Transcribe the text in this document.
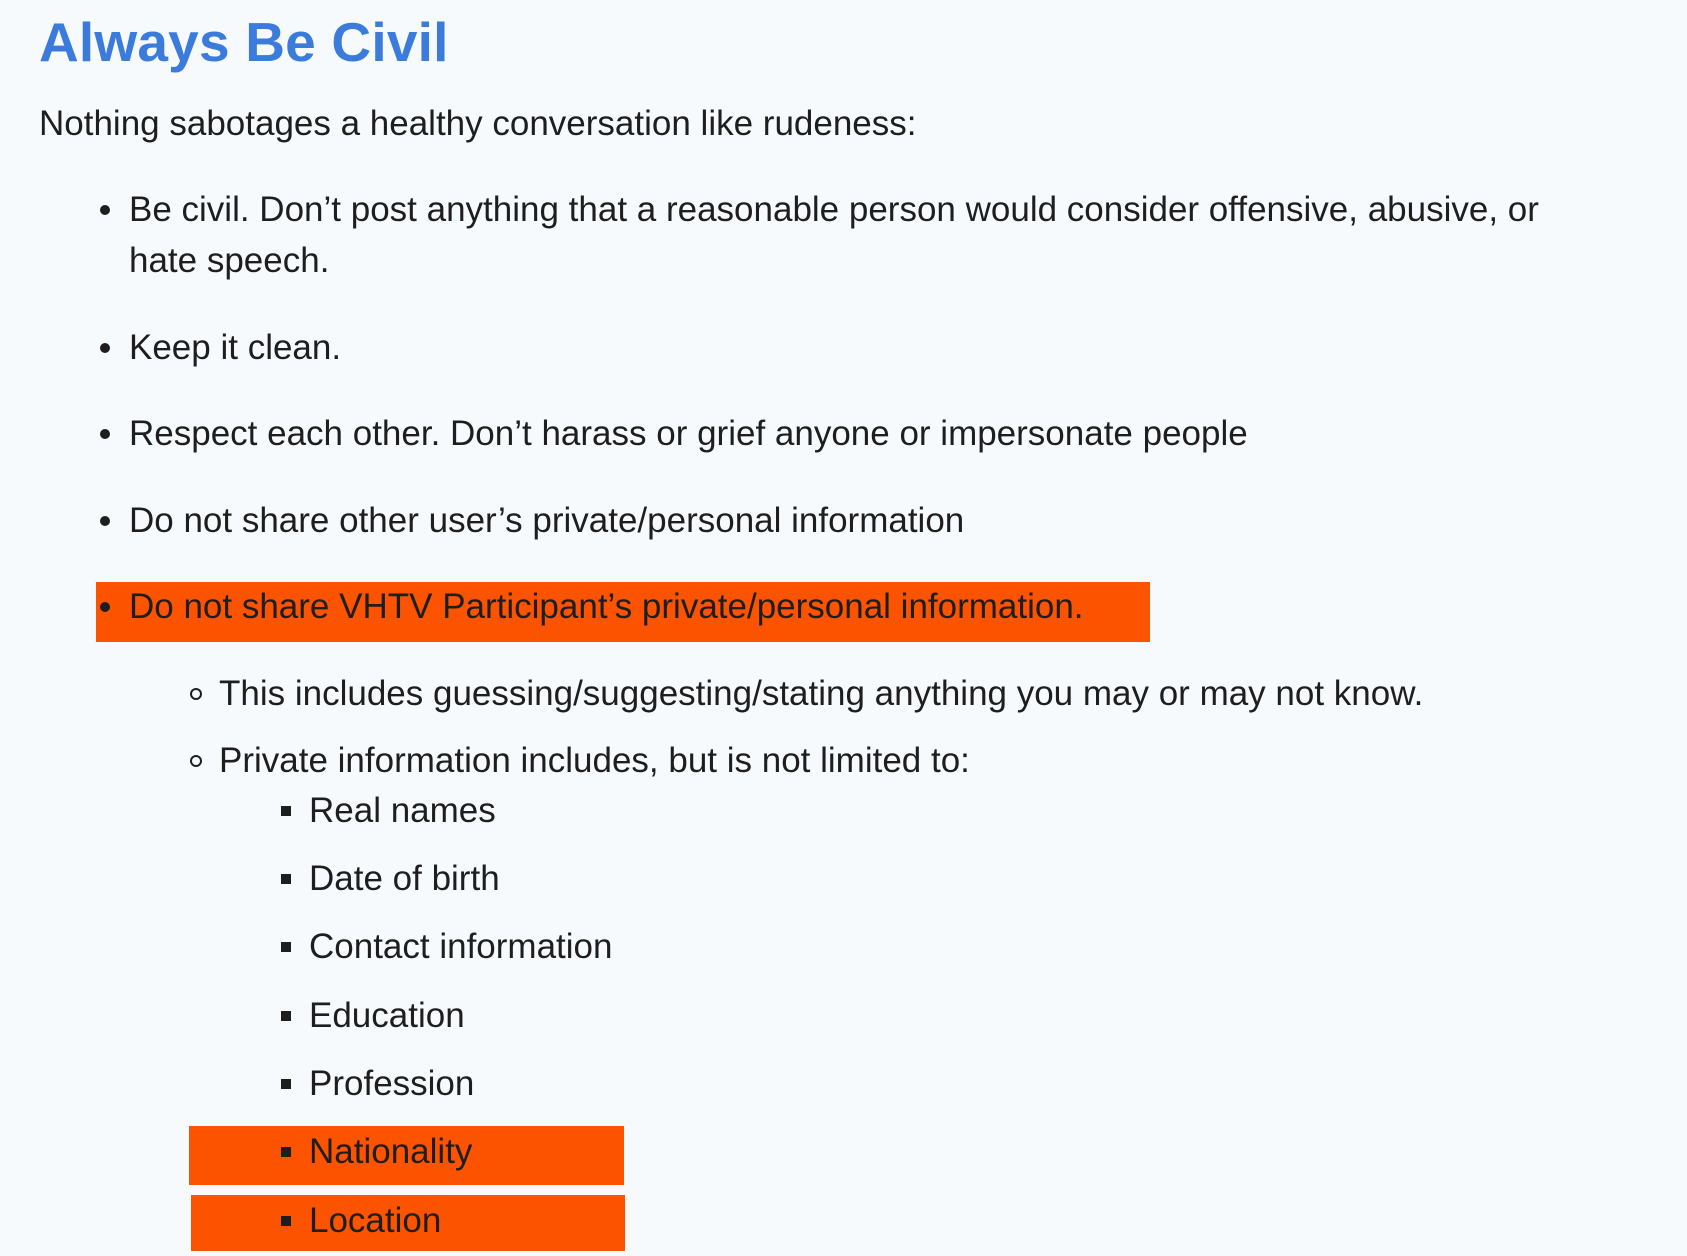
Always Be Civil

Nothing sabotages a healthy conversation like rudeness:

Be civil. Don’t post anything that a reasonable person would consider offensive, abusive, or
hate speech.
Keep it clean.
Respect each other. Don’t harass or grief anyone or impersonate people
Do not share other user’s private/personal information
Do not share VHTV Participant’s private/personal information.
This includes guessing/suggesting/stating anything you may or may not know.
Private information includes, but is not limited to:
Real names
Date of birth
Contact information
Education
Profession
Nationality
Location
